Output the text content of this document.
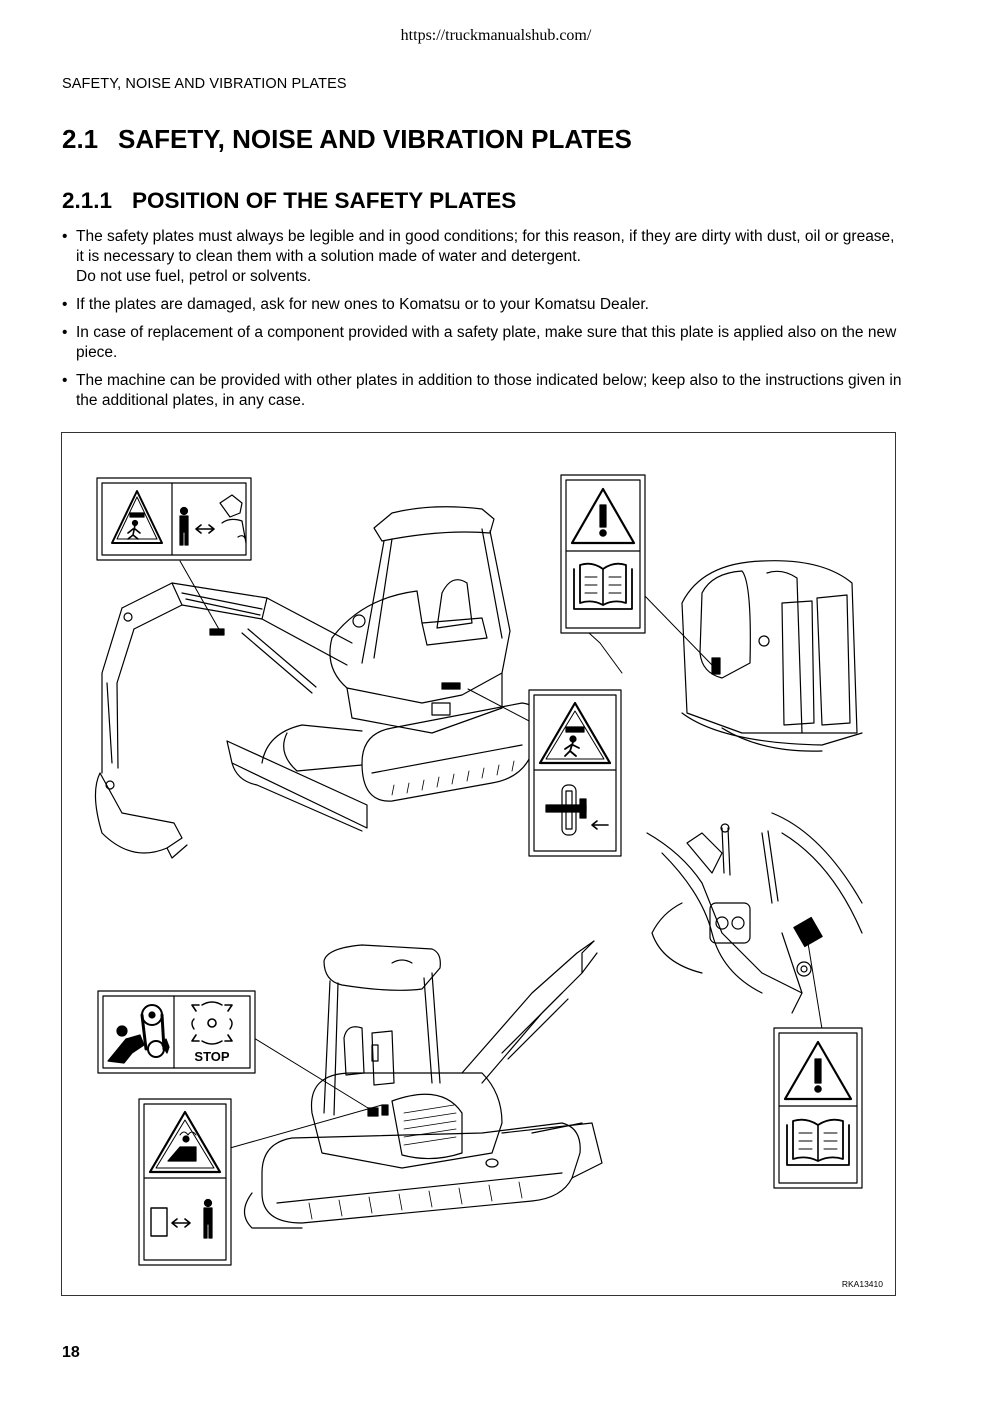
https://truckmanualshub.com/
SAFETY, NOISE AND VIBRATION PLATES
2.1 SAFETY, NOISE AND VIBRATION PLATES
2.1.1 POSITION OF THE SAFETY PLATES
• The safety plates must always be legible and in good conditions; for this reason, if they are dirty with dust, oil or grease, it is necessary to clean them with a solution made of water and detergent.
Do not use fuel, petrol or solvents.
• If the plates are damaged, ask for new ones to Komatsu or to your Komatsu Dealer.
• In case of replacement of a component provided with a safety plate, make sure that this plate is applied also on the new piece.
• The machine can be provided with other plates in addition to those indicated below; keep also to the instructions given in the additional plates, in any case.
STOP
RKA13410
18
